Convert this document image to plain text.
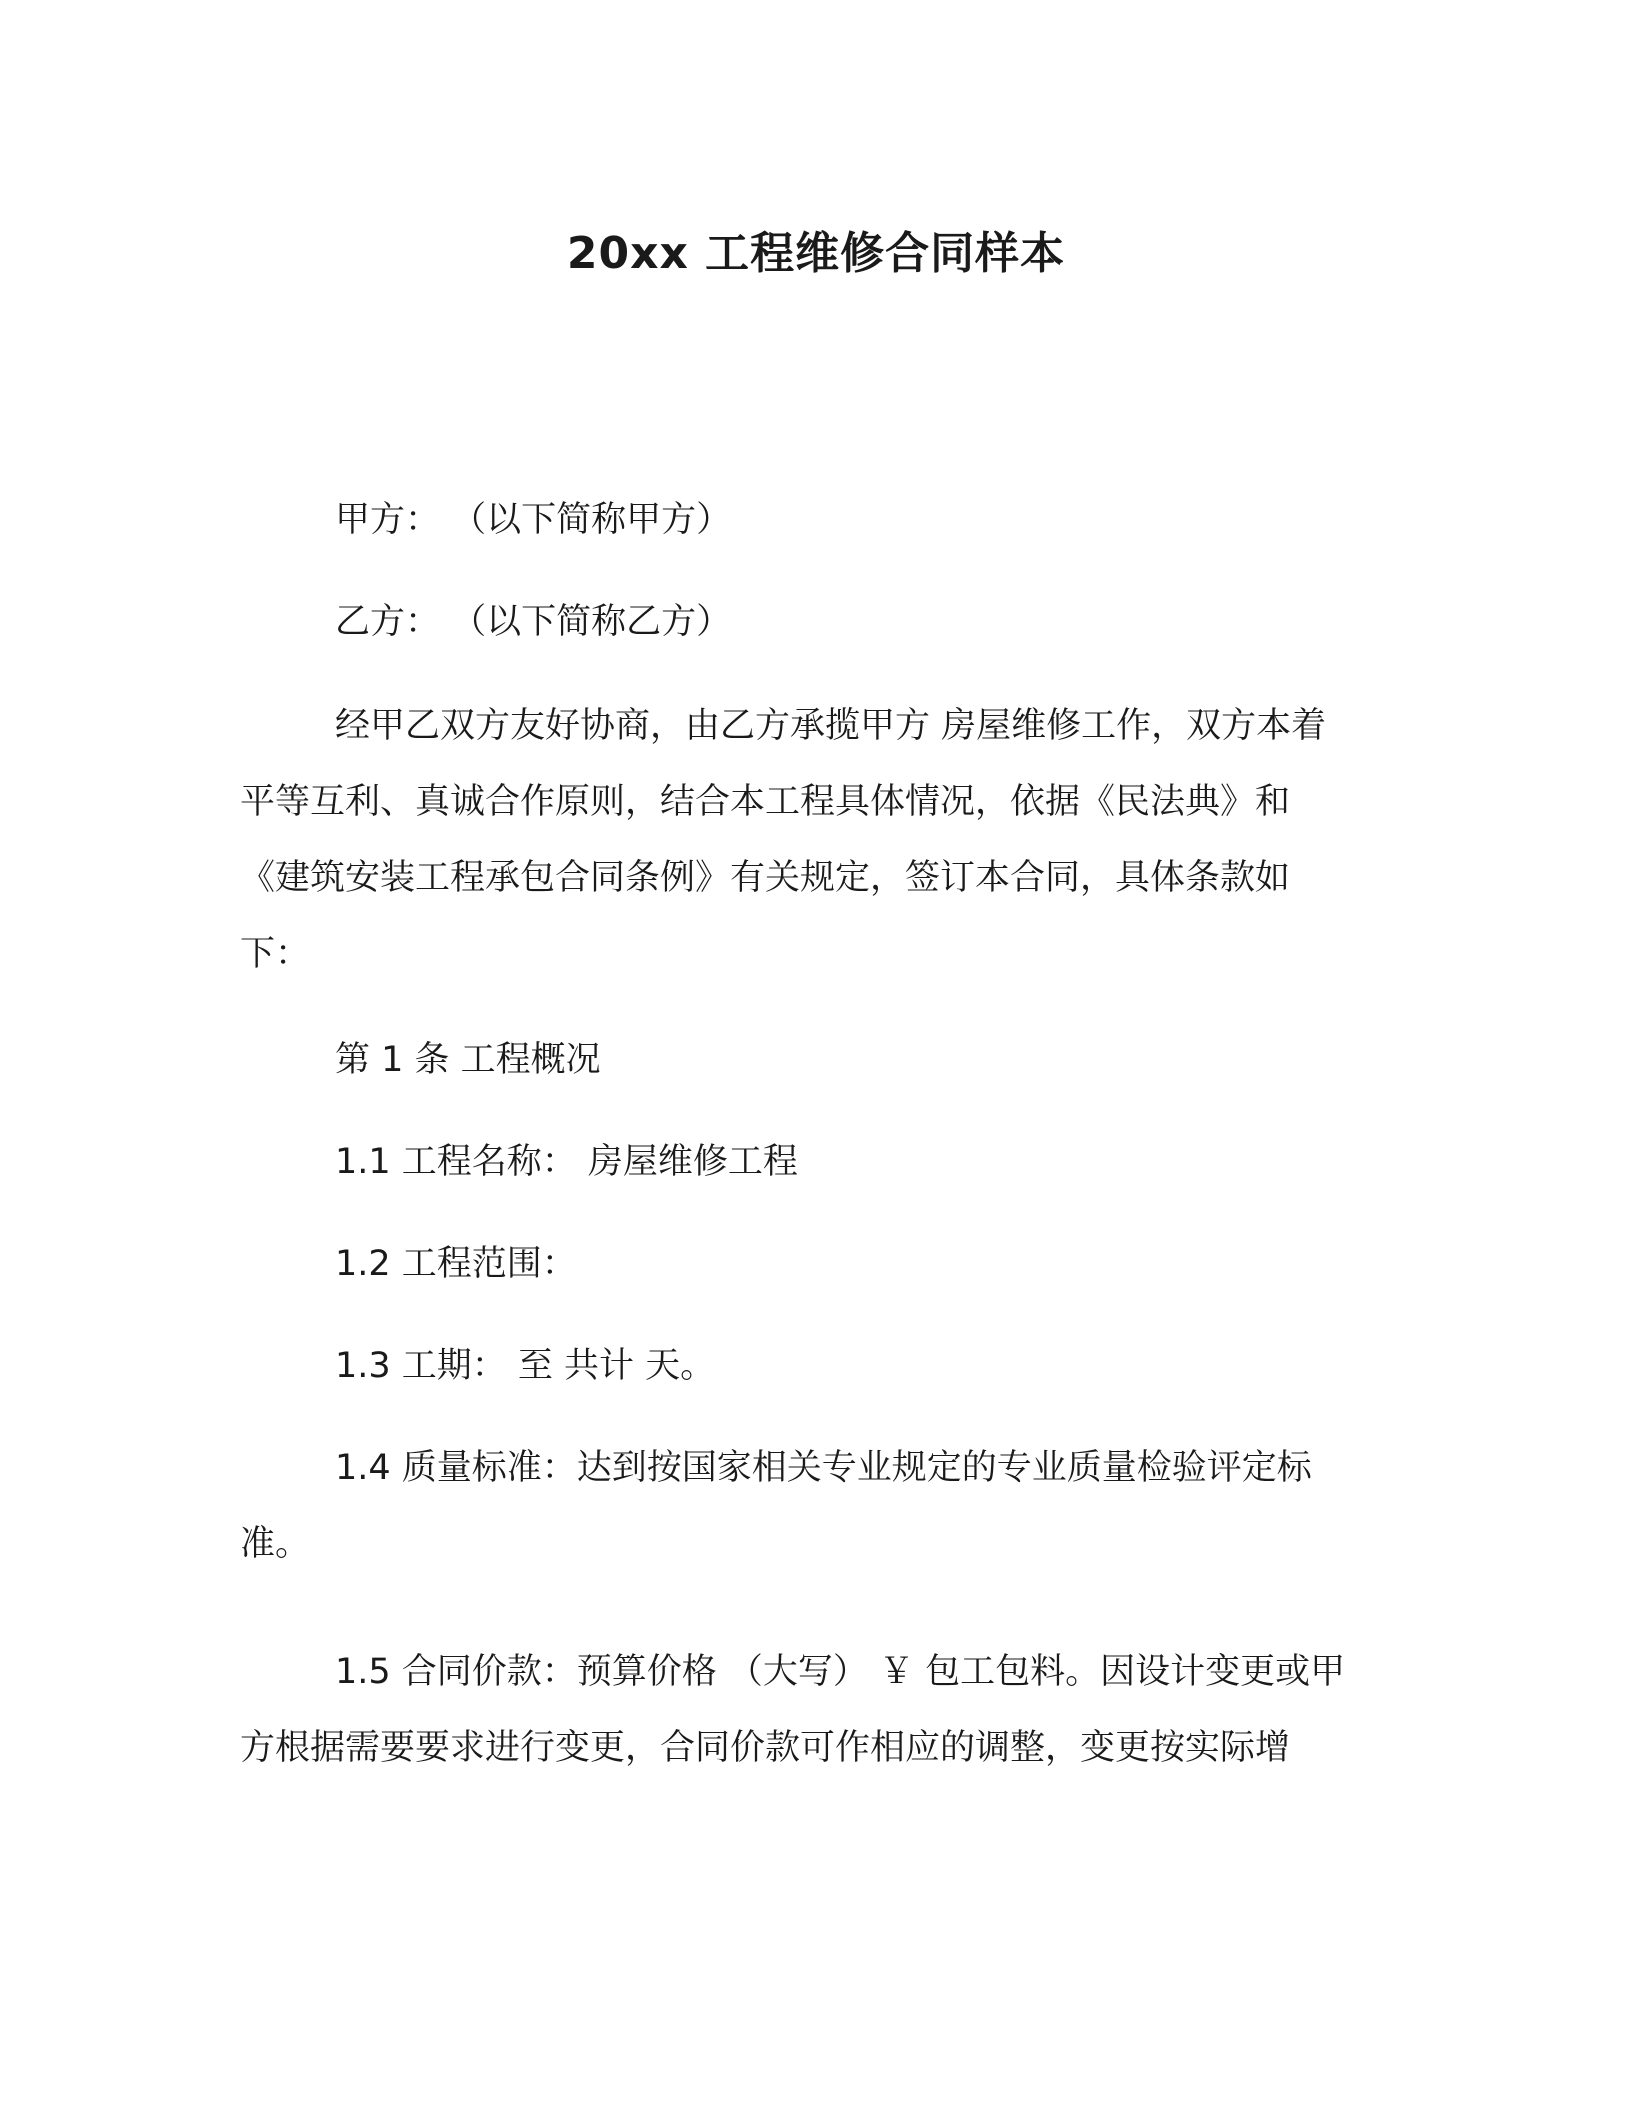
20xx 工程维修合同样本

甲方： （以下简称甲方）

乙方： （以下简称乙方）

经甲乙双方友好协商，由乙方承揽甲方 房屋维修工作，双方本着
平等互利、真诚合作原则，结合本工程具体情况，依据《民法典》和
《建筑安装工程承包合同条例》有关规定，签订本合同，具体条款如
下：

第 1 条 工程概况

1.1 工程名称： 房屋维修工程

1.2 工程范围：

1.3 工期： 至 共计 天。

1.4 质量标准：达到按国家相关专业规定的专业质量检验评定标
准。
1.5 合同价款：预算价格 （大写） ￥ 包工包料。因设计变更或甲
方根据需要要求进行变更，合同价款可作相应的调整，变更按实际增
